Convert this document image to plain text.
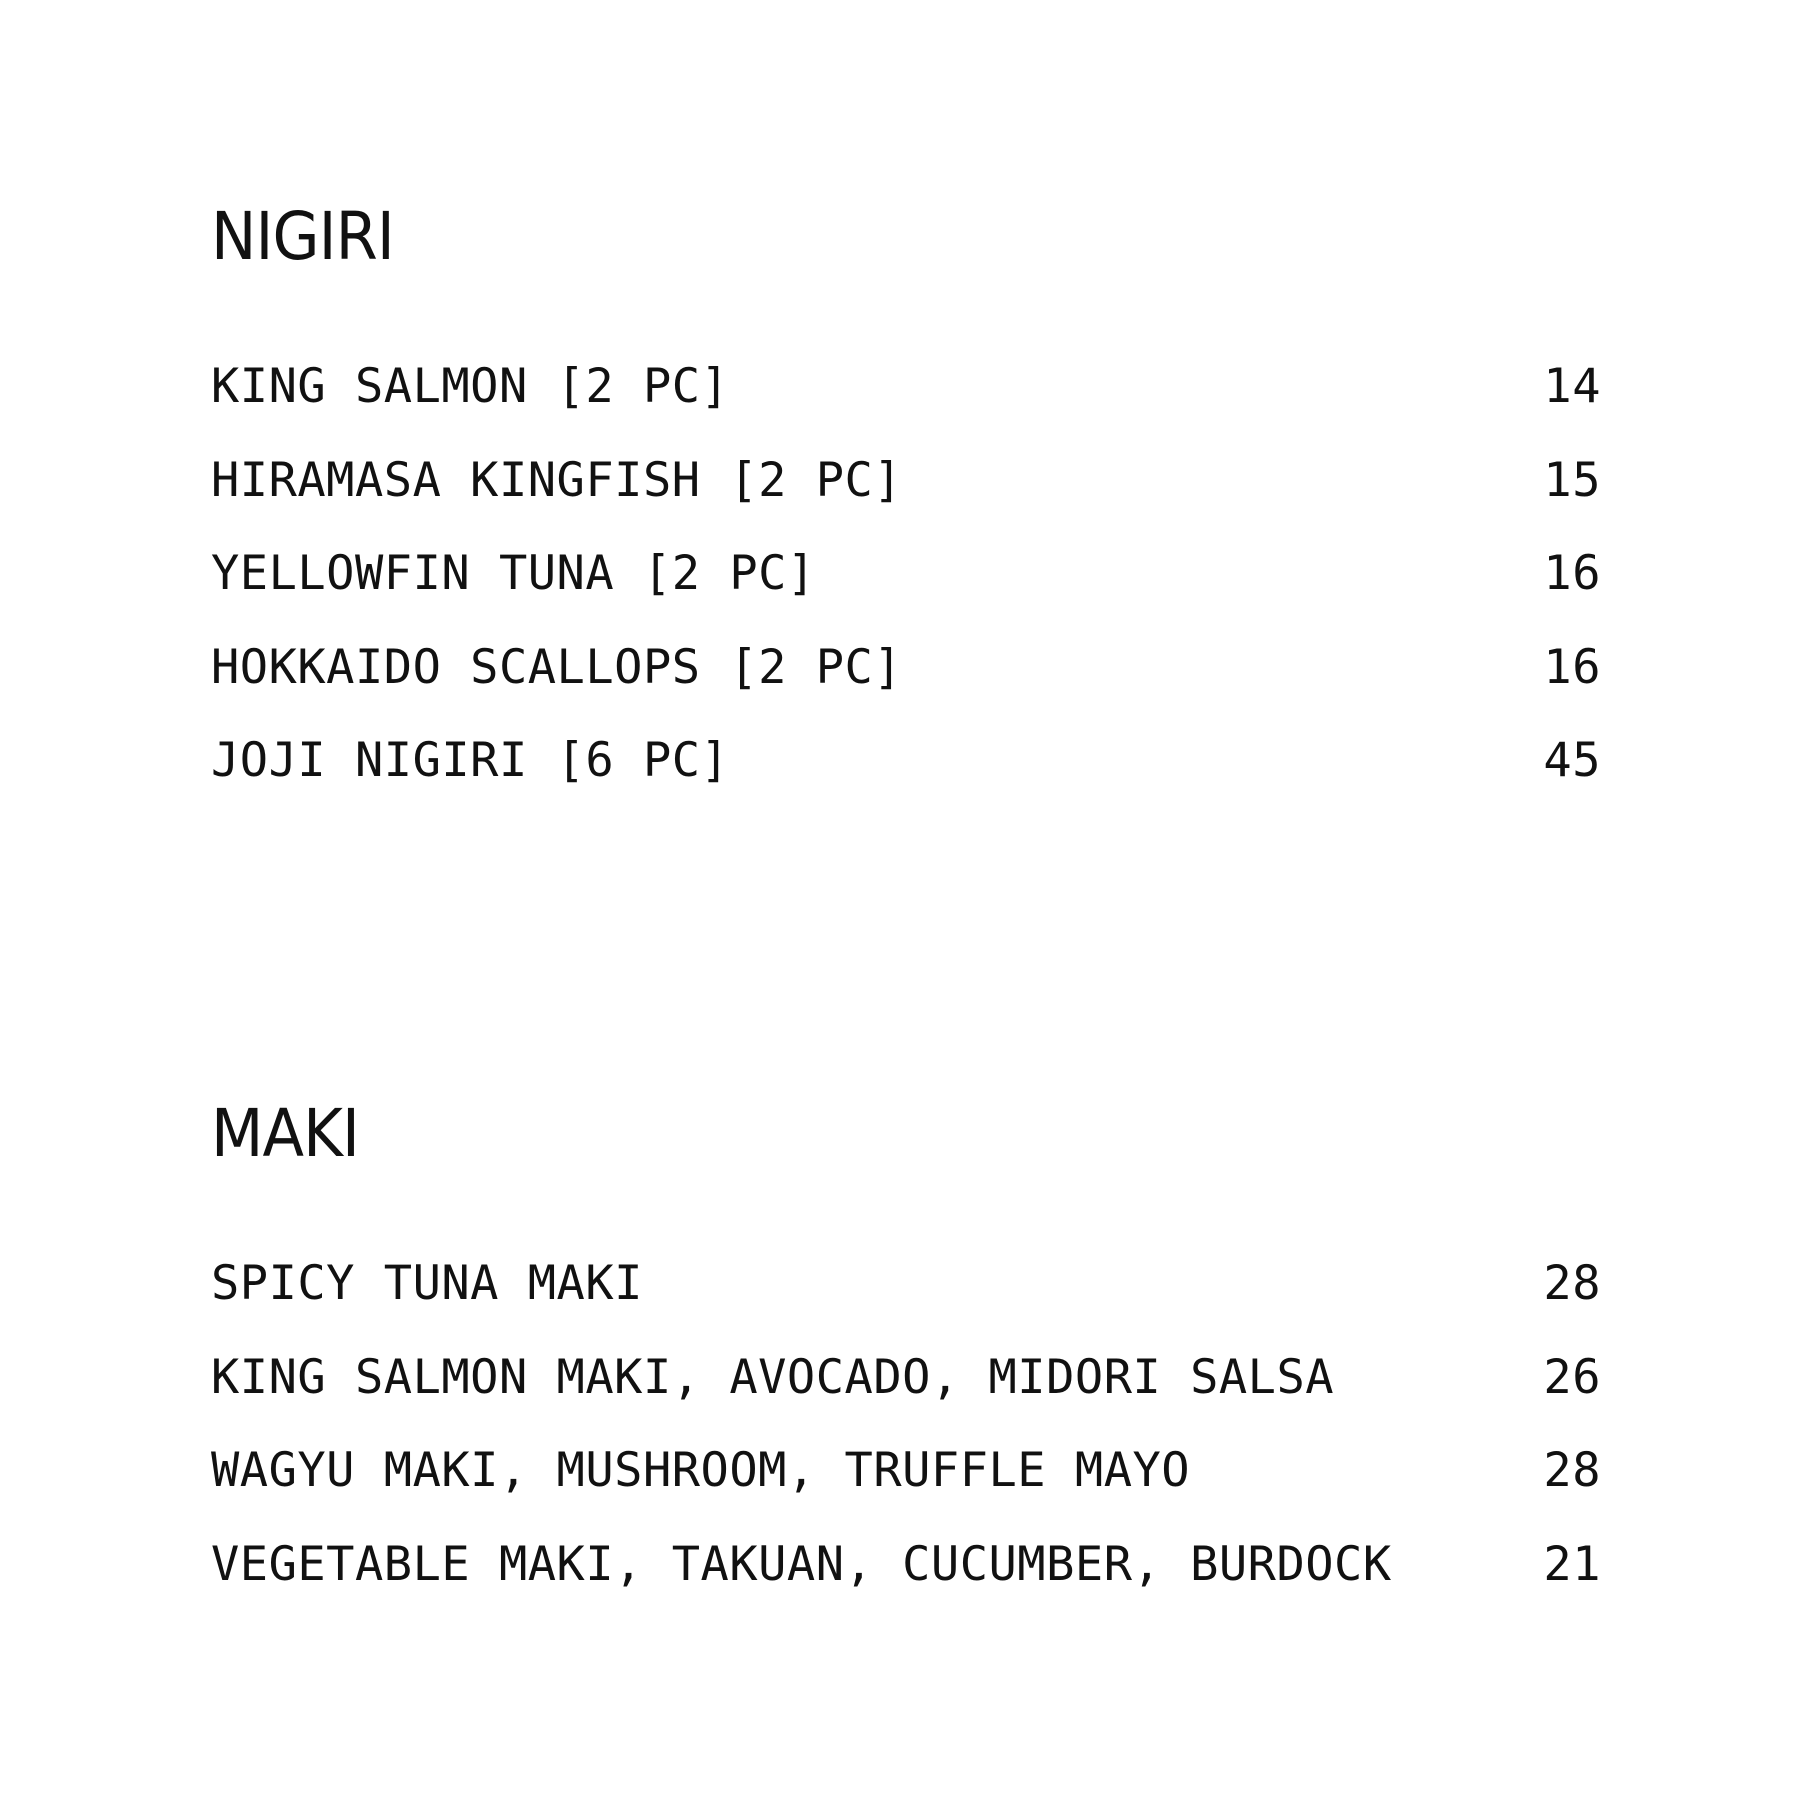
NIGIRI
KING SALMON [2 PC]	14
HIRAMASA KINGFISH [2 PC]	15
YELLOWFIN TUNA [2 PC]	16
HOKKAIDO SCALLOPS [2 PC]	16
JOJI NIGIRI [6 PC]	45
MAKI
SPICY TUNA MAKI	28
KING SALMON MAKI, AVOCADO, MIDORI SALSA	26
WAGYU MAKI, MUSHROOM, TRUFFLE MAYO	28
VEGETABLE MAKI, TAKUAN, CUCUMBER, BURDOCK	21
